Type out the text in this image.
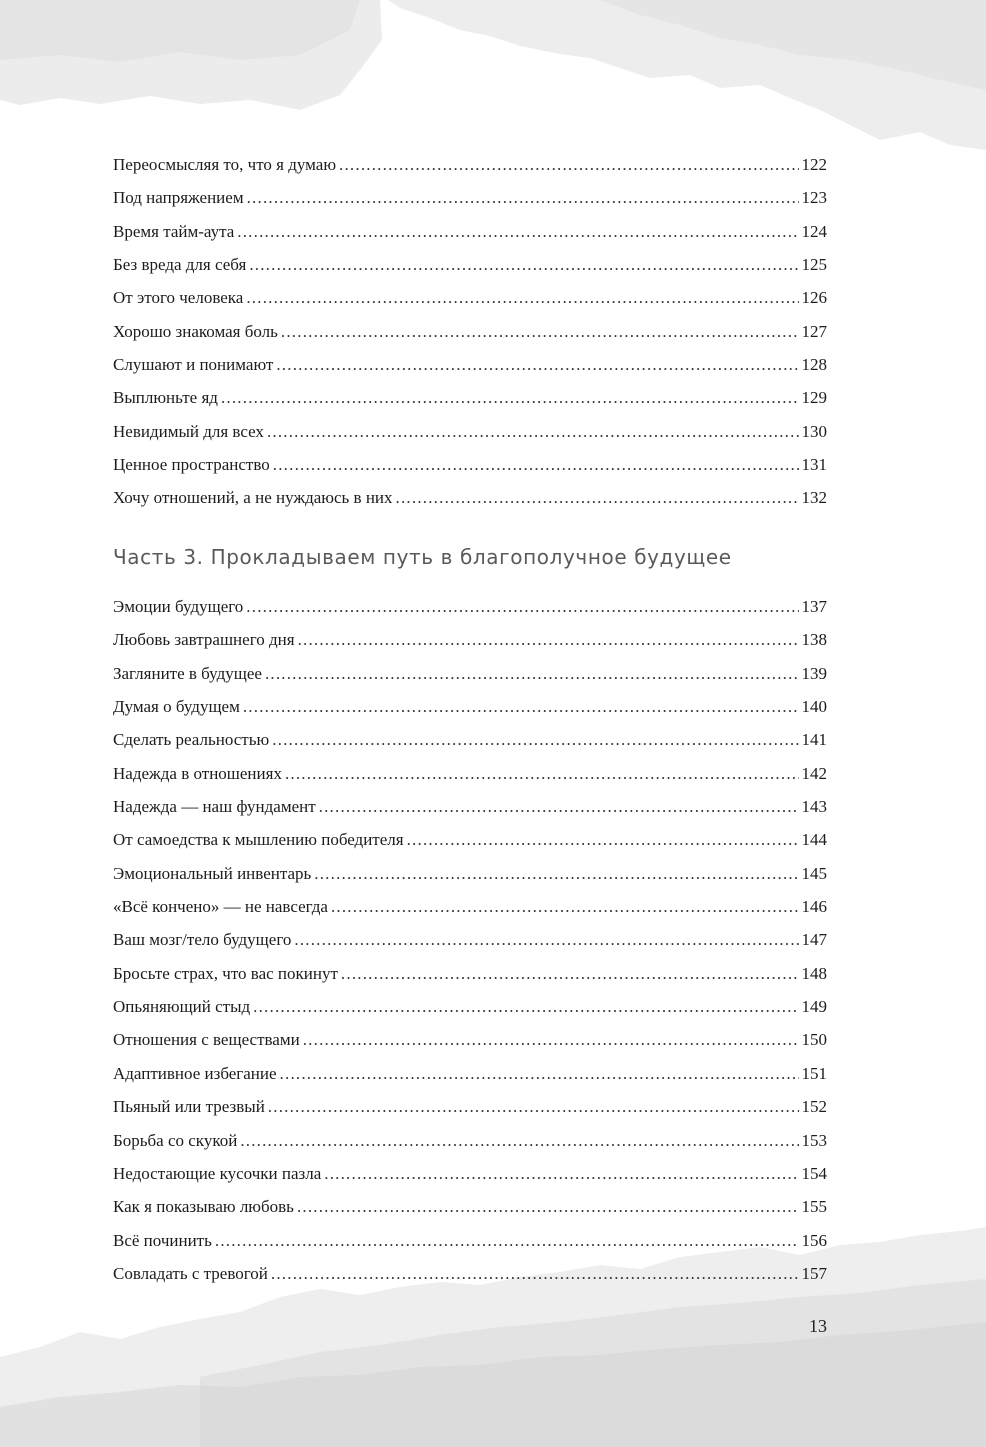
Переосмысляя то, что я думаю .....	122
Под напряжением .....	123
Время тайм-аута .....	124
Без вреда для себя .....	125
От этого человека .....	126
Хорошо знакомая боль .....	127
Слушают и понимают .....	128
Выплюньте яд .....	129
Невидимый для всех .....	130
Ценное пространство .....	131
Хочу отношений, а не нуждаюсь в них .....	132
Часть 3. Прокладываем путь в благополучное будущее
Эмоции будущего .....	137
Любовь завтрашнего дня .....	138
Загляните в будущее .....	139
Думая о будущем .....	140
Сделать реальностью .....	141
Надежда в отношениях .....	142
Надежда — наш фундамент .....	143
От самоедства к мышлению победителя .....	144
Эмоциональный инвентарь .....	145
«Всё кончено» — не навсегда .....	146
Ваш мозг/тело будущего .....	147
Бросьте страх, что вас покинут .....	148
Опьяняющий стыд .....	149
Отношения с веществами .....	150
Адаптивное избегание .....	151
Пьяный или трезвый .....	152
Борьба со скукой .....	153
Недостающие кусочки пазла .....	154
Как я показываю любовь .....	155
Всё починить .....	156
Совладать с тревогой .....	157
13
